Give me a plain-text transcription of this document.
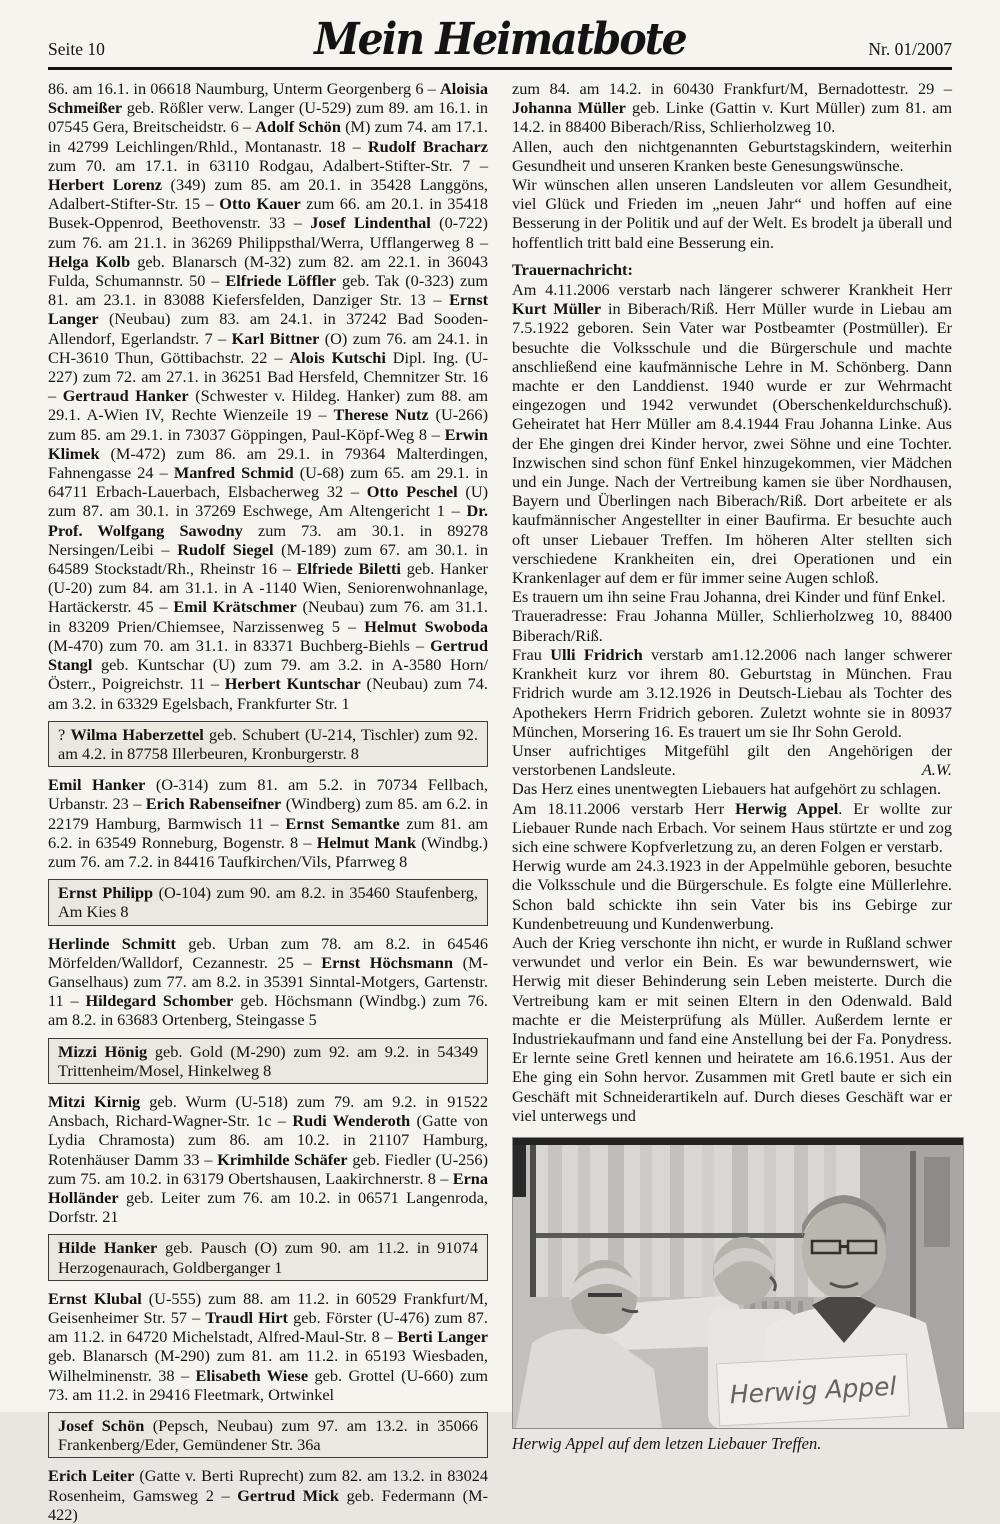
Seite 10	Mein Heimatbote	Nr. 01/2007
86. am 16.1. in 06618 Naumburg, Unterm Georgenberg 6 – Aloisia Schmeißer geb. Rößler verw. Langer (U-529) zum 89. am 16.1. in 07545 Gera, Breitscheidstr. 6 – Adolf Schön (M) zum 74. am 17.1. in 42799 Leichlingen/Rhld., Montanastr. 18 – Rudolf Bracharz zum 70. am 17.1. in 63110 Rodgau, Adalbert-Stifter-Str. 7 – Herbert Lorenz (349) zum 85. am 20.1. in 35428 Langgöns, Adalbert-Stifter-Str. 15 – Otto Kauer zum 66. am 20.1. in 35418 Busek-Oppenrod, Beethovenstr. 33 – Josef Lindenthal (0-722) zum 76. am 21.1. in 36269 Philippsthal/Werra, Ufflangerweg 8 – Helga Kolb geb. Blanarsch (M-32) zum 82. am 22.1. in 36043 Fulda, Schumannstr. 50 – Elfriede Löffler geb. Tak (0-323) zum 81. am 23.1. in 83088 Kiefersfelden, Danziger Str. 13 – Ernst Langer (Neubau) zum 83. am 24.1. in 37242 Bad Sooden-Allendorf, Egerlandstr. 7 – Karl Bittner (O) zum 76. am 24.1. in CH-3610 Thun, Göttibachstr. 22 – Alois Kutschi Dipl. Ing. (U-227) zum 72. am 27.1. in 36251 Bad Hersfeld, Chemnitzer Str. 16 – Gertraud Hanker (Schwester v. Hildeg. Hanker) zum 88. am 29.1. A-Wien IV, Rechte Wienzeile 19 – Therese Nutz (U-266) zum 85. am 29.1. in 73037 Göppingen, Paul-Köpf-Weg 8 – Erwin Klimek (M-472) zum 86. am 29.1. in 79364 Malterdingen, Fahnengasse 24 – Manfred Schmid (U-68) zum 65. am 29.1. in 64711 Erbach-Lauerbach, Elsbacherweg 32 – Otto Peschel (U) zum 87. am 30.1. in 37269 Eschwege, Am Altengericht 1 – Dr. Prof. Wolfgang Sawodny zum 73. am 30.1. in 89278 Nersingen/Leibi – Rudolf Siegel (M-189) zum 67. am 30.1. in 64589 Stockstadt/Rh., Rheinstr 16 – Elfriede Biletti geb. Hanker (U-20) zum 84. am 31.1. in A -1140 Wien, Seniorenwohnanlage, Hartäckerstr. 45 – Emil Krätschmer (Neubau) zum 76. am 31.1. in 83209 Prien/Chiemsee, Narzissenweg 5 – Helmut Swoboda (M-470) zum 70. am 31.1. in 83371 Buchberg-Biehls – Gertrud Stangl geb. Kuntschar (U) zum 79. am 3.2. in A-3580 Horn/Österr., Poigreichstr. 11 – Herbert Kuntschar (Neubau) zum 74. am 3.2. in 63329 Egelsbach, Frankfurter Str. 1
? Wilma Haberzettel geb. Schubert (U-214, Tischler) zum 92. am 4.2. in 87758 Illerbeuren, Kronburgerstr. 8
Emil Hanker (O-314) zum 81. am 5.2. in 70734 Fellbach, Urbanstr. 23 – Erich Rabenseifner (Windberg) zum 85. am 6.2. in 22179 Hamburg, Barmwisch 11 – Ernst Semantke zum 81. am 6.2. in 63549 Ronneburg, Bogenstr. 8 – Helmut Mank (Windbg.) zum 76. am 7.2. in 84416 Taufkirchen/Vils, Pfarrweg 8
Ernst Philipp (O-104) zum 90. am 8.2. in 35460 Staufenberg, Am Kies 8
Herlinde Schmitt geb. Urban zum 78. am 8.2. in 64546 Mörfelden/Walldorf, Cezannestr. 25 – Ernst Höchsmann (M-Ganselhaus) zum 77. am 8.2. in 35391 Sinntal-Motgers, Gartenstr. 11 – Hildegard Schomber geb. Höchsmann (Windbg.) zum 76. am 8.2. in 63683 Ortenberg, Steingasse 5
Mizzi Hönig geb. Gold (M-290) zum 92. am 9.2. in 54349 Trittenheim/Mosel, Hinkelweg 8
Mitzi Kirnig geb. Wurm (U-518) zum 79. am 9.2. in 91522 Ansbach, Richard-Wagner-Str. 1c – Rudi Wenderoth (Gatte von Lydia Chramosta) zum 86. am 10.2. in 21107 Hamburg, Rotenhäuser Damm 33 – Krimhilde Schäfer geb. Fiedler (U-256) zum 75. am 10.2. in 63179 Obertshausen, Laakirchnerstr. 8 – Erna Holländer geb. Leiter zum 76. am 10.2. in 06571 Langenroda, Dorfstr. 21
Hilde Hanker geb. Pausch (O) zum 90. am 11.2. in 91074 Herzogenaurach, Goldberganger 1
Ernst Klubal (U-555) zum 88. am 11.2. in 60529 Frankfurt/M, Geisenheimer Str. 57 – Traudl Hirt geb. Förster (U-476) zum 87. am 11.2. in 64720 Michelstadt, Alfred-Maul-Str. 8 – Berti Langer geb. Blanarsch (M-290) zum 81. am 11.2. in 65193 Wiesbaden, Wilhelminenstr. 38 – Elisabeth Wiese geb. Grottel (U-660) zum 73. am 11.2. in 29416 Fleetmark, Ortwinkel
Josef Schön (Pepsch, Neubau) zum 97. am 13.2. in 35066 Frankenberg/Eder, Gemündener Str. 36a
Erich Leiter (Gatte v. Berti Ruprecht) zum 82. am 13.2. in 83024 Rosenheim, Gamsweg 2 – Gertrud Mick geb. Federmann (M-422)
zum 84. am 14.2. in 60430 Frankfurt/M, Bernadottestr. 29 – Johanna Müller geb. Linke (Gattin v. Kurt Müller) zum 81. am 14.2. in 88400 Biberach/Riss, Schlierholzweg 10.
Allen, auch den nichtgenannten Geburtstagskindern, weiterhin Gesundheit und unseren Kranken beste Genesungswünsche.
Wir wünschen allen unseren Landsleuten vor allem Gesundheit, viel Glück und Frieden im „neuen Jahr“ und hoffen auf eine Besserung in der Politik und auf der Welt. Es brodelt ja überall und hoffentlich tritt bald eine Besserung ein.
Trauernachricht:
Am 4.11.2006 verstarb nach längerer schwerer Krankheit Herr Kurt Müller in Biberach/Riß. Herr Müller wurde in Liebau am 7.5.1922 geboren. Sein Vater war Postbeamter (Postmüller). Er besuchte die Volksschule und die Bürgerschule und machte anschließend eine kaufmännische Lehre in M. Schönberg. Dann machte er den Landdienst. 1940 wurde er zur Wehrmacht eingezogen und 1942 verwundet (Oberschenkeldurchschuß). Geheiratet hat Herr Müller am 8.4.1944 Frau Johanna Linke. Aus der Ehe gingen drei Kinder hervor, zwei Söhne und eine Tochter. Inzwischen sind schon fünf Enkel hinzugekommen, vier Mädchen und ein Junge. Nach der Vertreibung kamen sie über Nordhausen, Bayern und Überlingen nach Biberach/Riß. Dort arbeitete er als kaufmännischer Angestellter in einer Baufirma. Er besuchte auch oft unser Liebauer Treffen. Im höheren Alter stellten sich verschiedene Krankheiten ein, drei Operationen und ein Krankenlager auf dem er für immer seine Augen schloß.
Es trauern um ihn seine Frau Johanna, drei Kinder und fünf Enkel.
Traueradresse: Frau Johanna Müller, Schlierholzweg 10, 88400 Biberach/Riß.
Frau Ulli Fridrich verstarb am1.12.2006 nach langer schwerer Krankheit kurz vor ihrem 80. Geburtstag in München. Frau Fridrich wurde am 3.12.1926 in Deutsch-Liebau als Tochter des Apothekers Herrn Fridrich geboren. Zuletzt wohnte sie in 80937 München, Morsering 16. Es trauert um sie Ihr Sohn Gerold.
Unser aufrichtiges Mitgefühl gilt den Angehörigen der verstorbenen Landsleute.	A.W.
Das Herz eines unentwegten Liebauers hat aufgehört zu schlagen.
Am 18.11.2006 verstarb Herr Herwig Appel. Er wollte zur Liebauer Runde nach Erbach. Vor seinem Haus stürtzte er und zog sich eine schwere Kopfverletzung zu, an deren Folgen er verstarb.
Herwig wurde am 24.3.1923 in der Appelmühle geboren, besuchte die Volksschule und die Bürgerschule. Es folgte eine Müllerlehre. Schon bald schickte ihn sein Vater bis ins Gebirge zur Kundenbetreuung und Kundenwerbung.
Auch der Krieg verschonte ihn nicht, er wurde in Rußland schwer verwundet und verlor ein Bein. Es war bewundernswert, wie Herwig mit dieser Behinderung sein Leben meisterte. Durch die Vertreibung kam er mit seinen Eltern in den Odenwald. Bald machte er die Meisterprüfung als Müller. Außerdem lernte er Industriekaufmann und fand eine Anstellung bei der Fa. Ponydress. Er lernte seine Gretl kennen und heiratete am 16.6.1951. Aus der Ehe ging ein Sohn hervor. Zusammen mit Gretl baute er sich ein Geschäft mit Schneiderartikeln auf. Durch dieses Geschäft war er viel unterwegs und
Herwig Appel
Herwig Appel auf dem letzen Liebauer Treffen.
